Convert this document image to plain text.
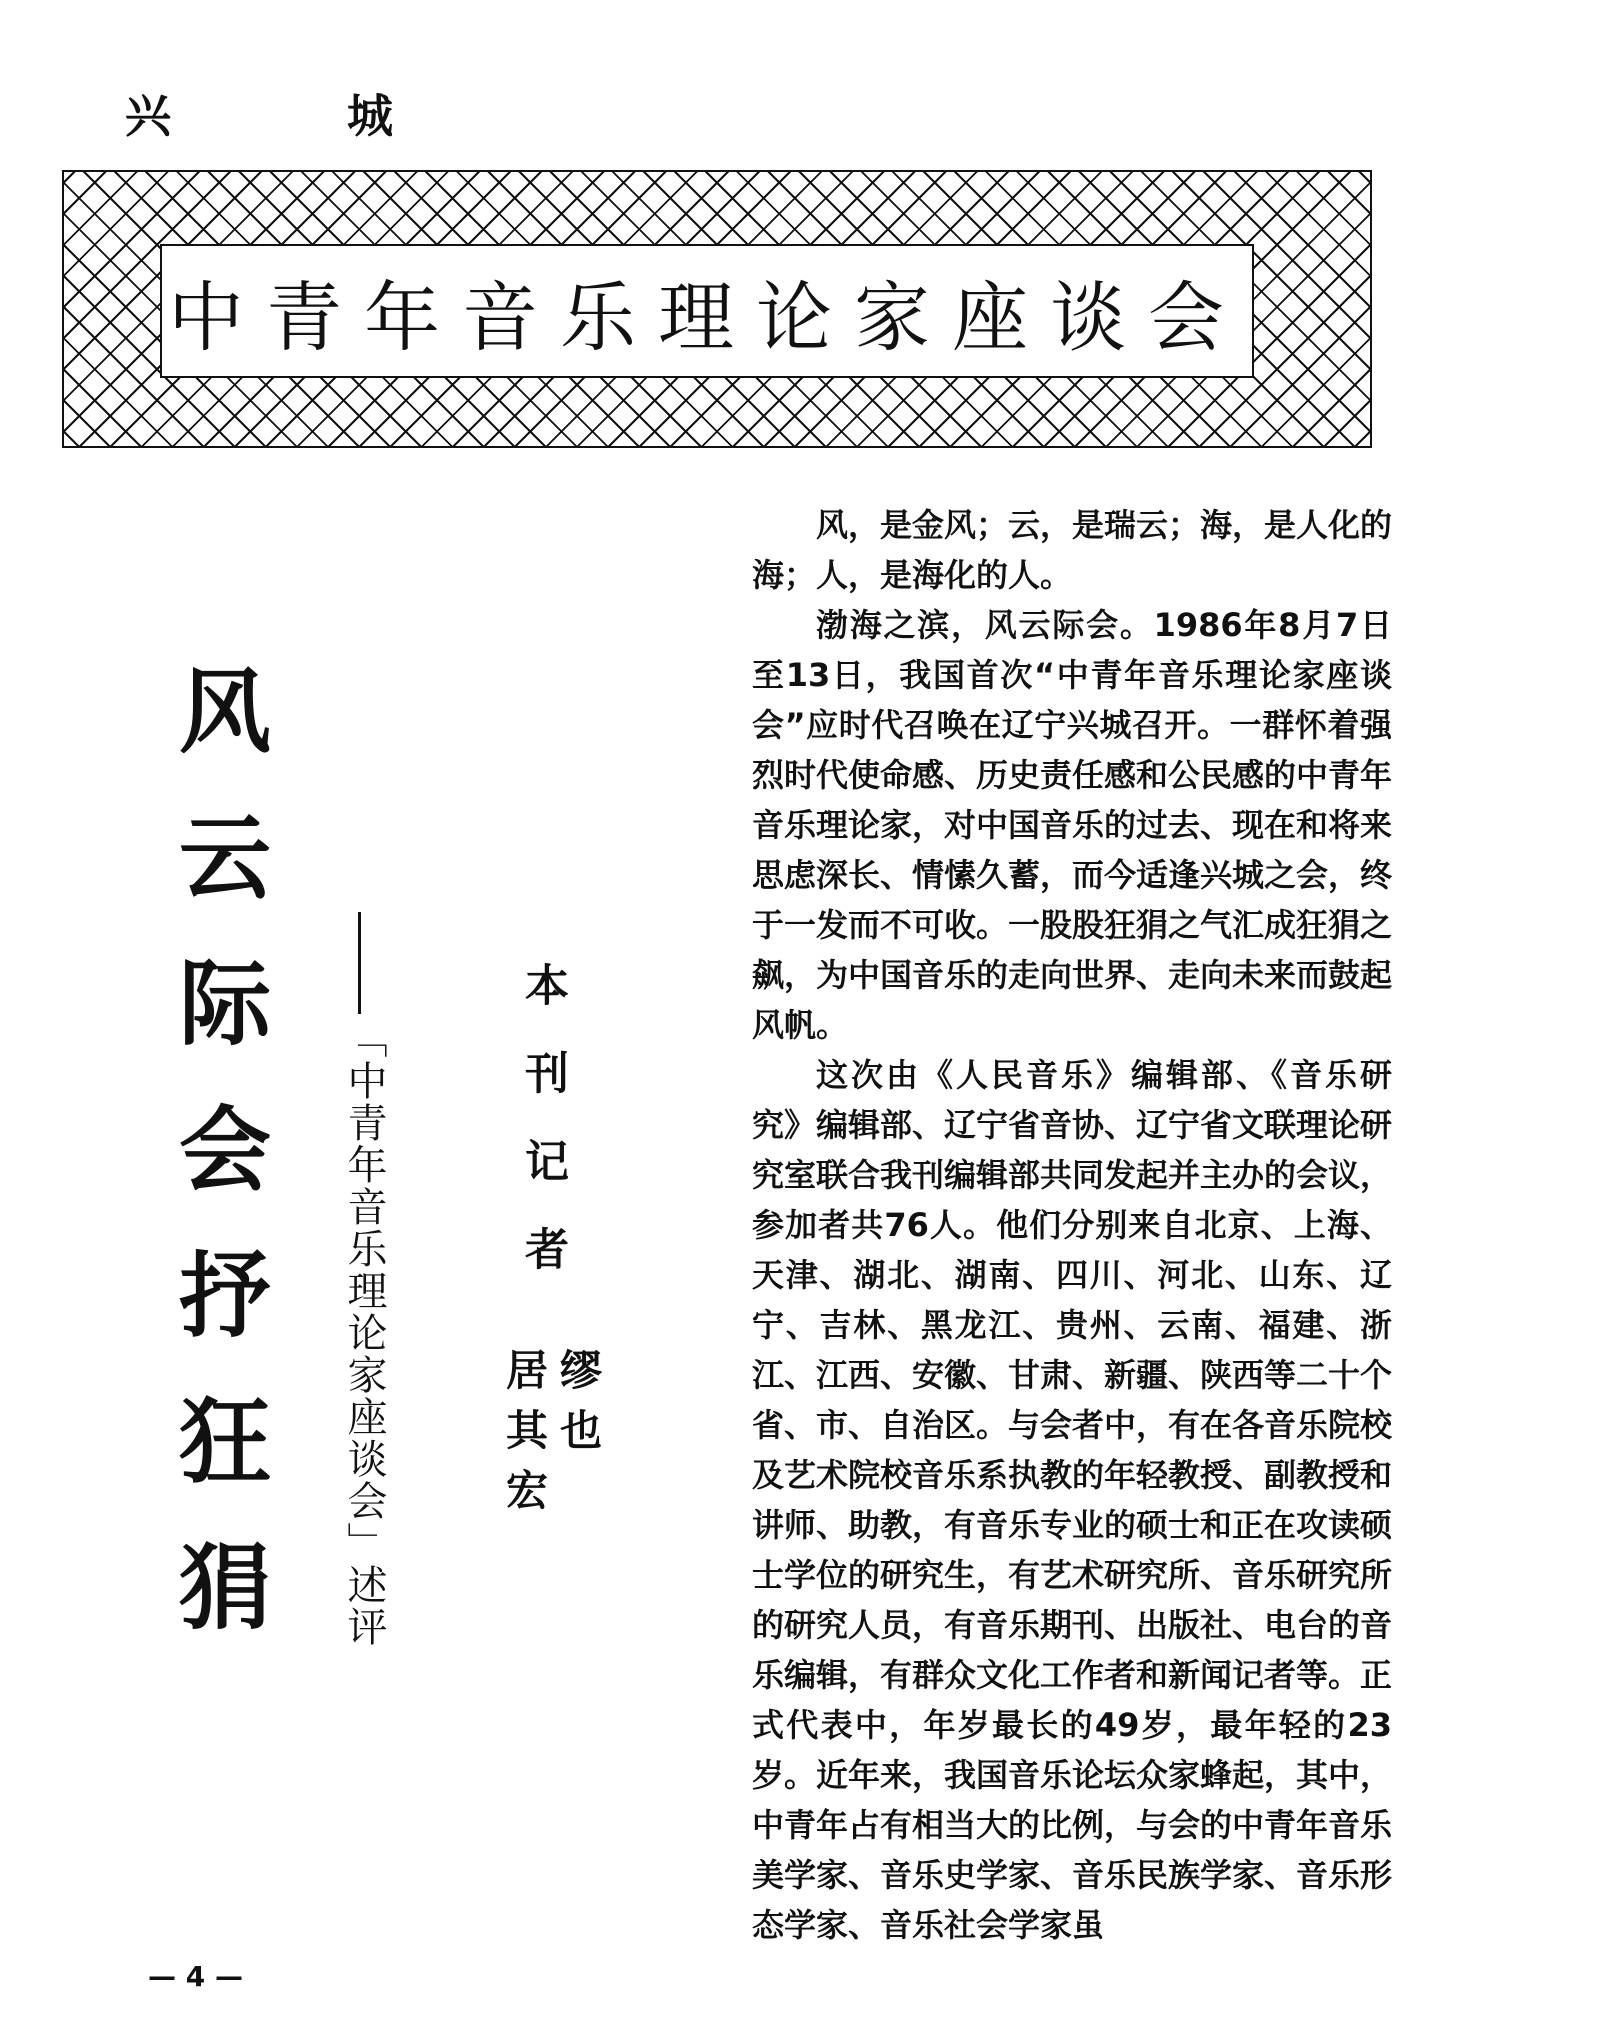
兴 城
中青年音乐理论家座谈会
风云际会抒狂狷 「中青年音乐理论家座谈会」述评	本刊记者
缪也
居其宏

风，是金风；云，是瑞云；海，是人化的海；人，是海化的人。

渤海之滨，风云际会。1986年8月7日至13日，我国首次“中青年音乐理论家座谈会”应时代召唤在辽宁兴城召开。一群怀着强烈时代使命感、历史责任感和公民感的中青年音乐理论家，对中国音乐的过去、现在和将来思虑深长、情愫久蓄，而今适逢兴城之会，终于一发而不可收。一股股狂狷之气汇成狂狷之飙，为中国音乐的走向世界、走向未来而鼓起风帆。

这次由《人民音乐》编辑部、《音乐研究》编辑部、辽宁省音协、辽宁省文联理论研究室联合我刊编辑部共同发起并主办的会议，参加者共76人。他们分别来自北京、上海、天津、湖北、湖南、四川、河北、山东、辽宁、吉林、黑龙江、贵州、云南、福建、浙江、江西、安徽、甘肃、新疆、陕西等二十个省、市、自治区。与会者中，有在各音乐院校及艺术院校音乐系执教的年轻教授、副教授和讲师、助教，有音乐专业的硕士和正在攻读硕士学位的研究生，有艺术研究所、音乐研究所的研究人员，有音乐期刊、出版社、电台的音乐编辑，有群众文化工作者和新闻记者等。正式代表中，年岁最长的49岁，最年轻的23岁。近年来，我国音乐论坛众家蜂起，其中，中青年占有相当大的比例，与会的中青年音乐美学家、音乐史学家、音乐民族学家、音乐形态学家、音乐社会学家虽

— 4 —
